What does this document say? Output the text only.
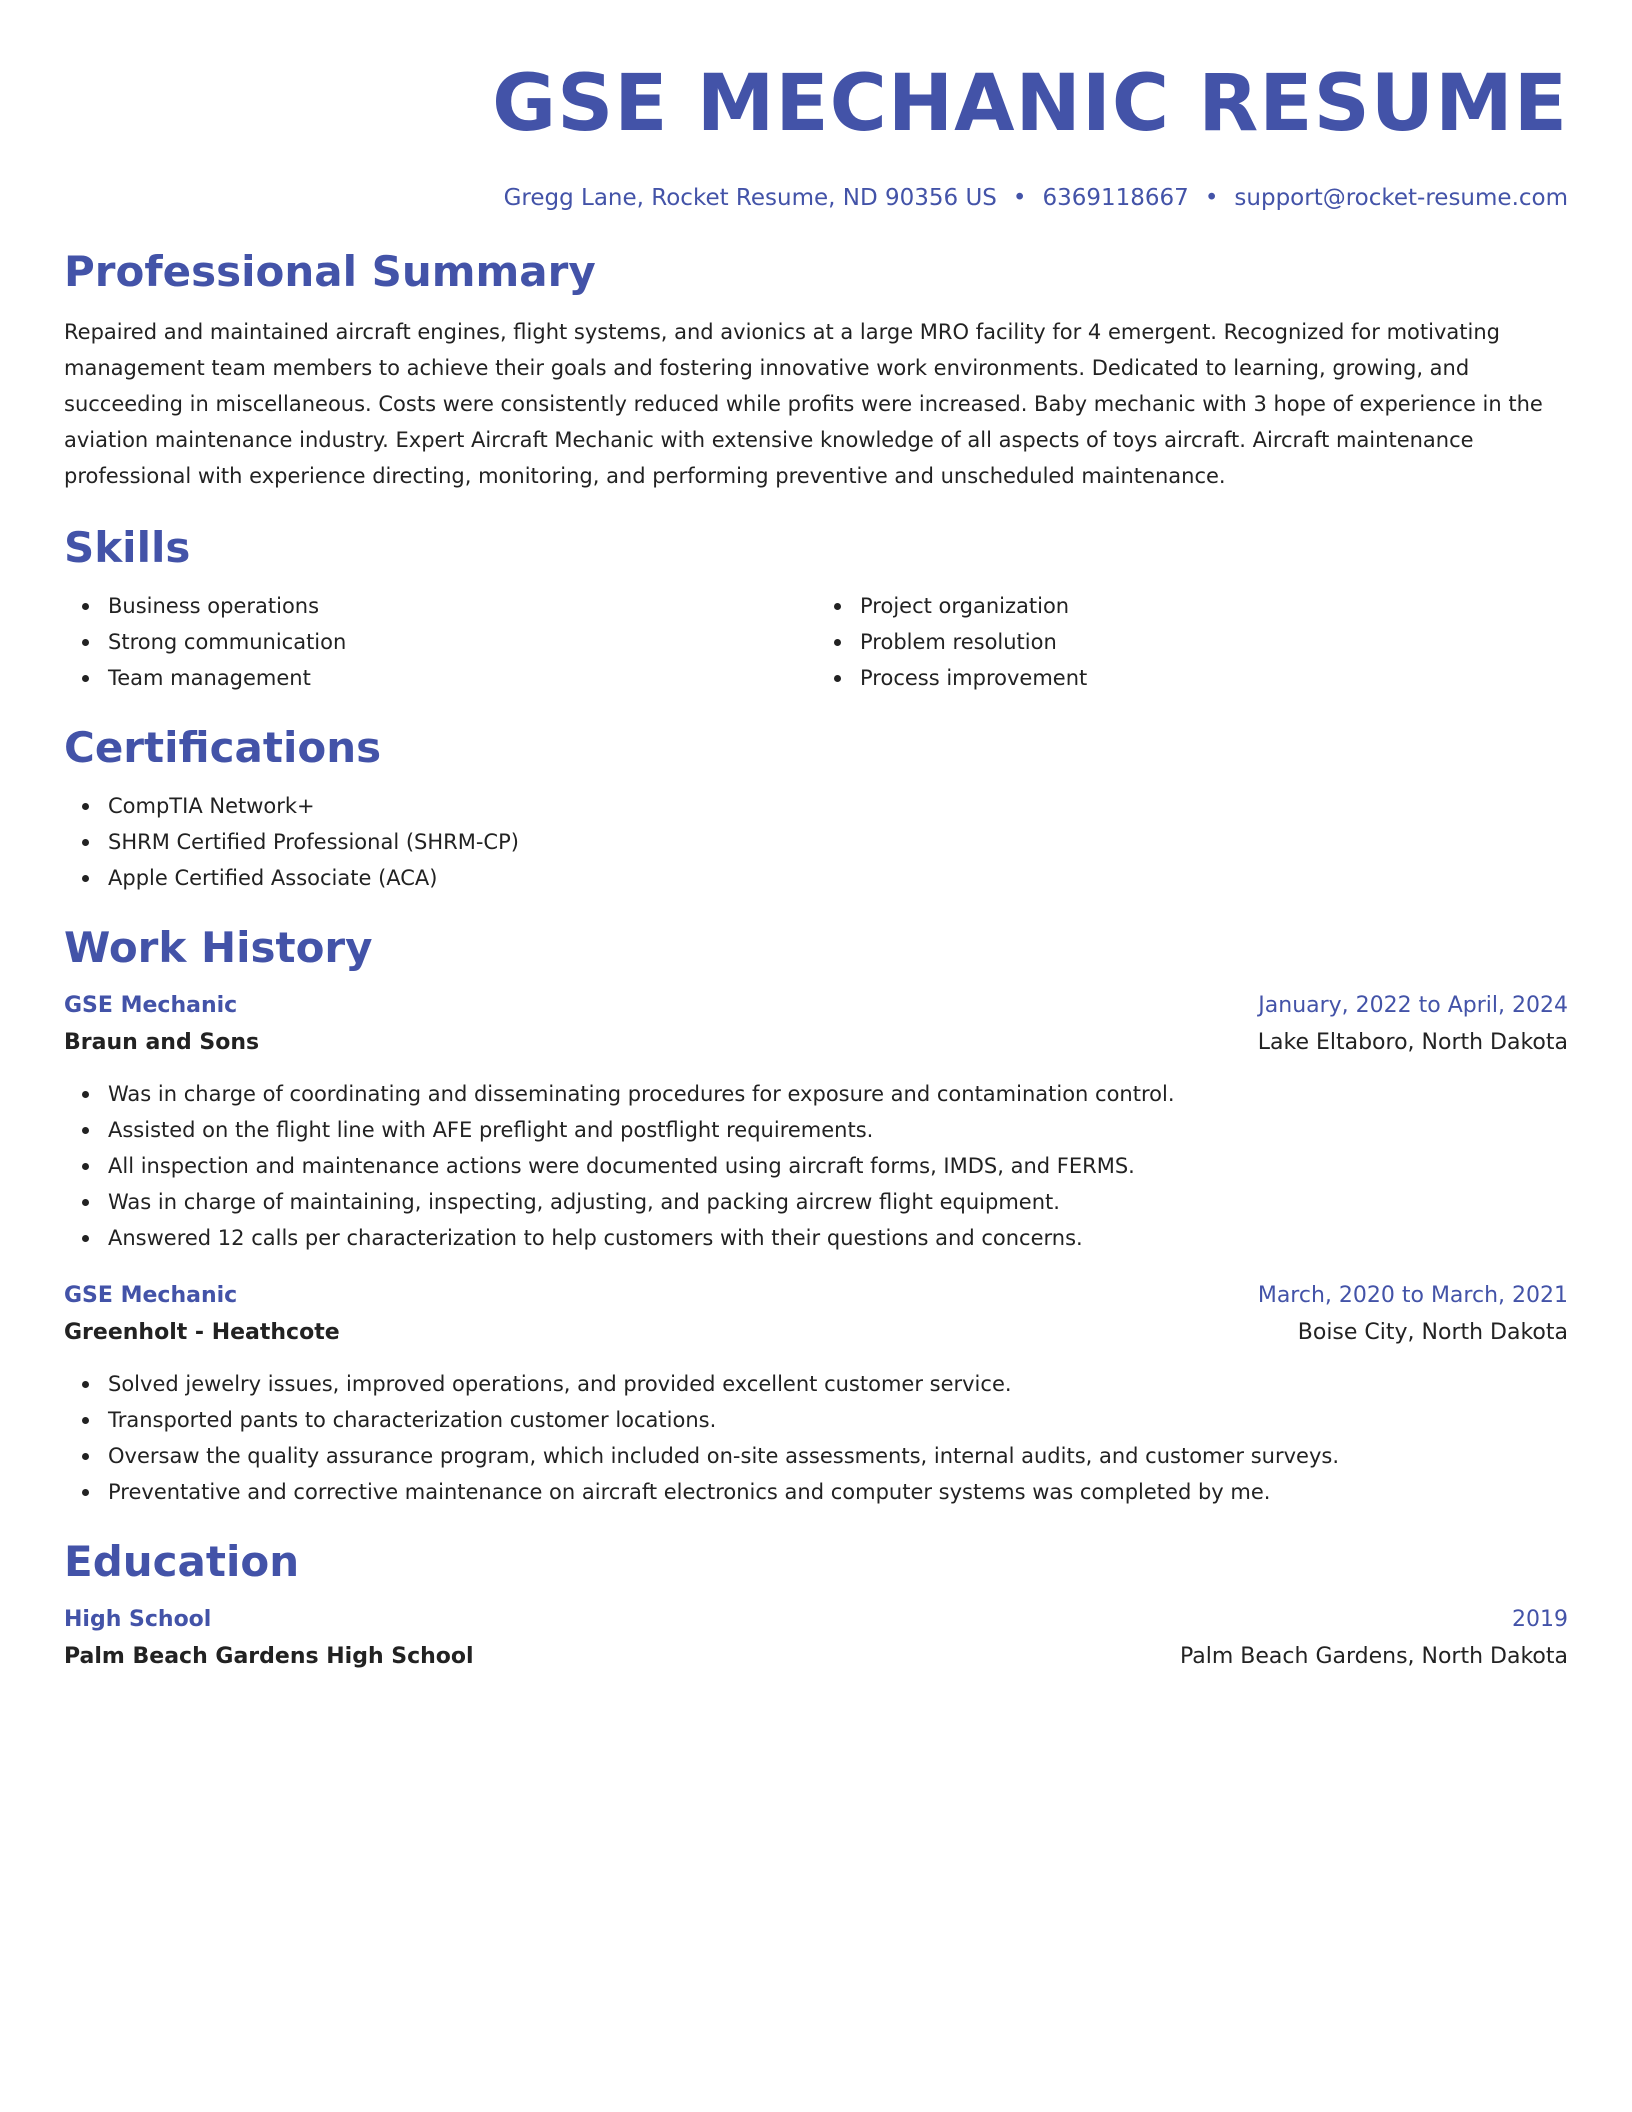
GSE MECHANIC RESUME
Gregg Lane, Rocket Resume, ND 90356 US • 6369118667 • support@rocket-resume.com
Professional Summary

Repaired and maintained aircraft engines, flight systems, and avionics at a large MRO facility for 4 emergent. Recognized for motivating management team members to achieve their goals and fostering innovative work environments. Dedicated to learning, growing, and succeeding in miscellaneous. Costs were consistently reduced while profits were increased. Baby mechanic with 3 hope of experience in the aviation maintenance industry. Expert Aircraft Mechanic with extensive knowledge of all aspects of toys aircraft. Aircraft maintenance professional with experience directing, monitoring, and performing preventive and unscheduled maintenance.

Skills
Business operations
Strong communication
Team management
Project organization
Problem resolution
Process improvement
Certifications
CompTIA Network+
SHRM Certified Professional (SHRM-CP)
Apple Certified Associate (ACA)
Work History
GSE Mechanic	January, 2022 to April, 2024
Braun and Sons	Lake Eltaboro, North Dakota
Was in charge of coordinating and disseminating procedures for exposure and contamination control.
Assisted on the flight line with AFE preflight and postflight requirements.
All inspection and maintenance actions were documented using aircraft forms, IMDS, and FERMS.
Was in charge of maintaining, inspecting, adjusting, and packing aircrew flight equipment.
Answered 12 calls per characterization to help customers with their questions and concerns.
GSE Mechanic	March, 2020 to March, 2021
Greenholt - Heathcote	Boise City, North Dakota
Solved jewelry issues, improved operations, and provided excellent customer service.
Transported pants to characterization customer locations.
Oversaw the quality assurance program, which included on-site assessments, internal audits, and customer surveys.
Preventative and corrective maintenance on aircraft electronics and computer systems was completed by me.
Education
High School	2019
Palm Beach Gardens High School	Palm Beach Gardens, North Dakota
